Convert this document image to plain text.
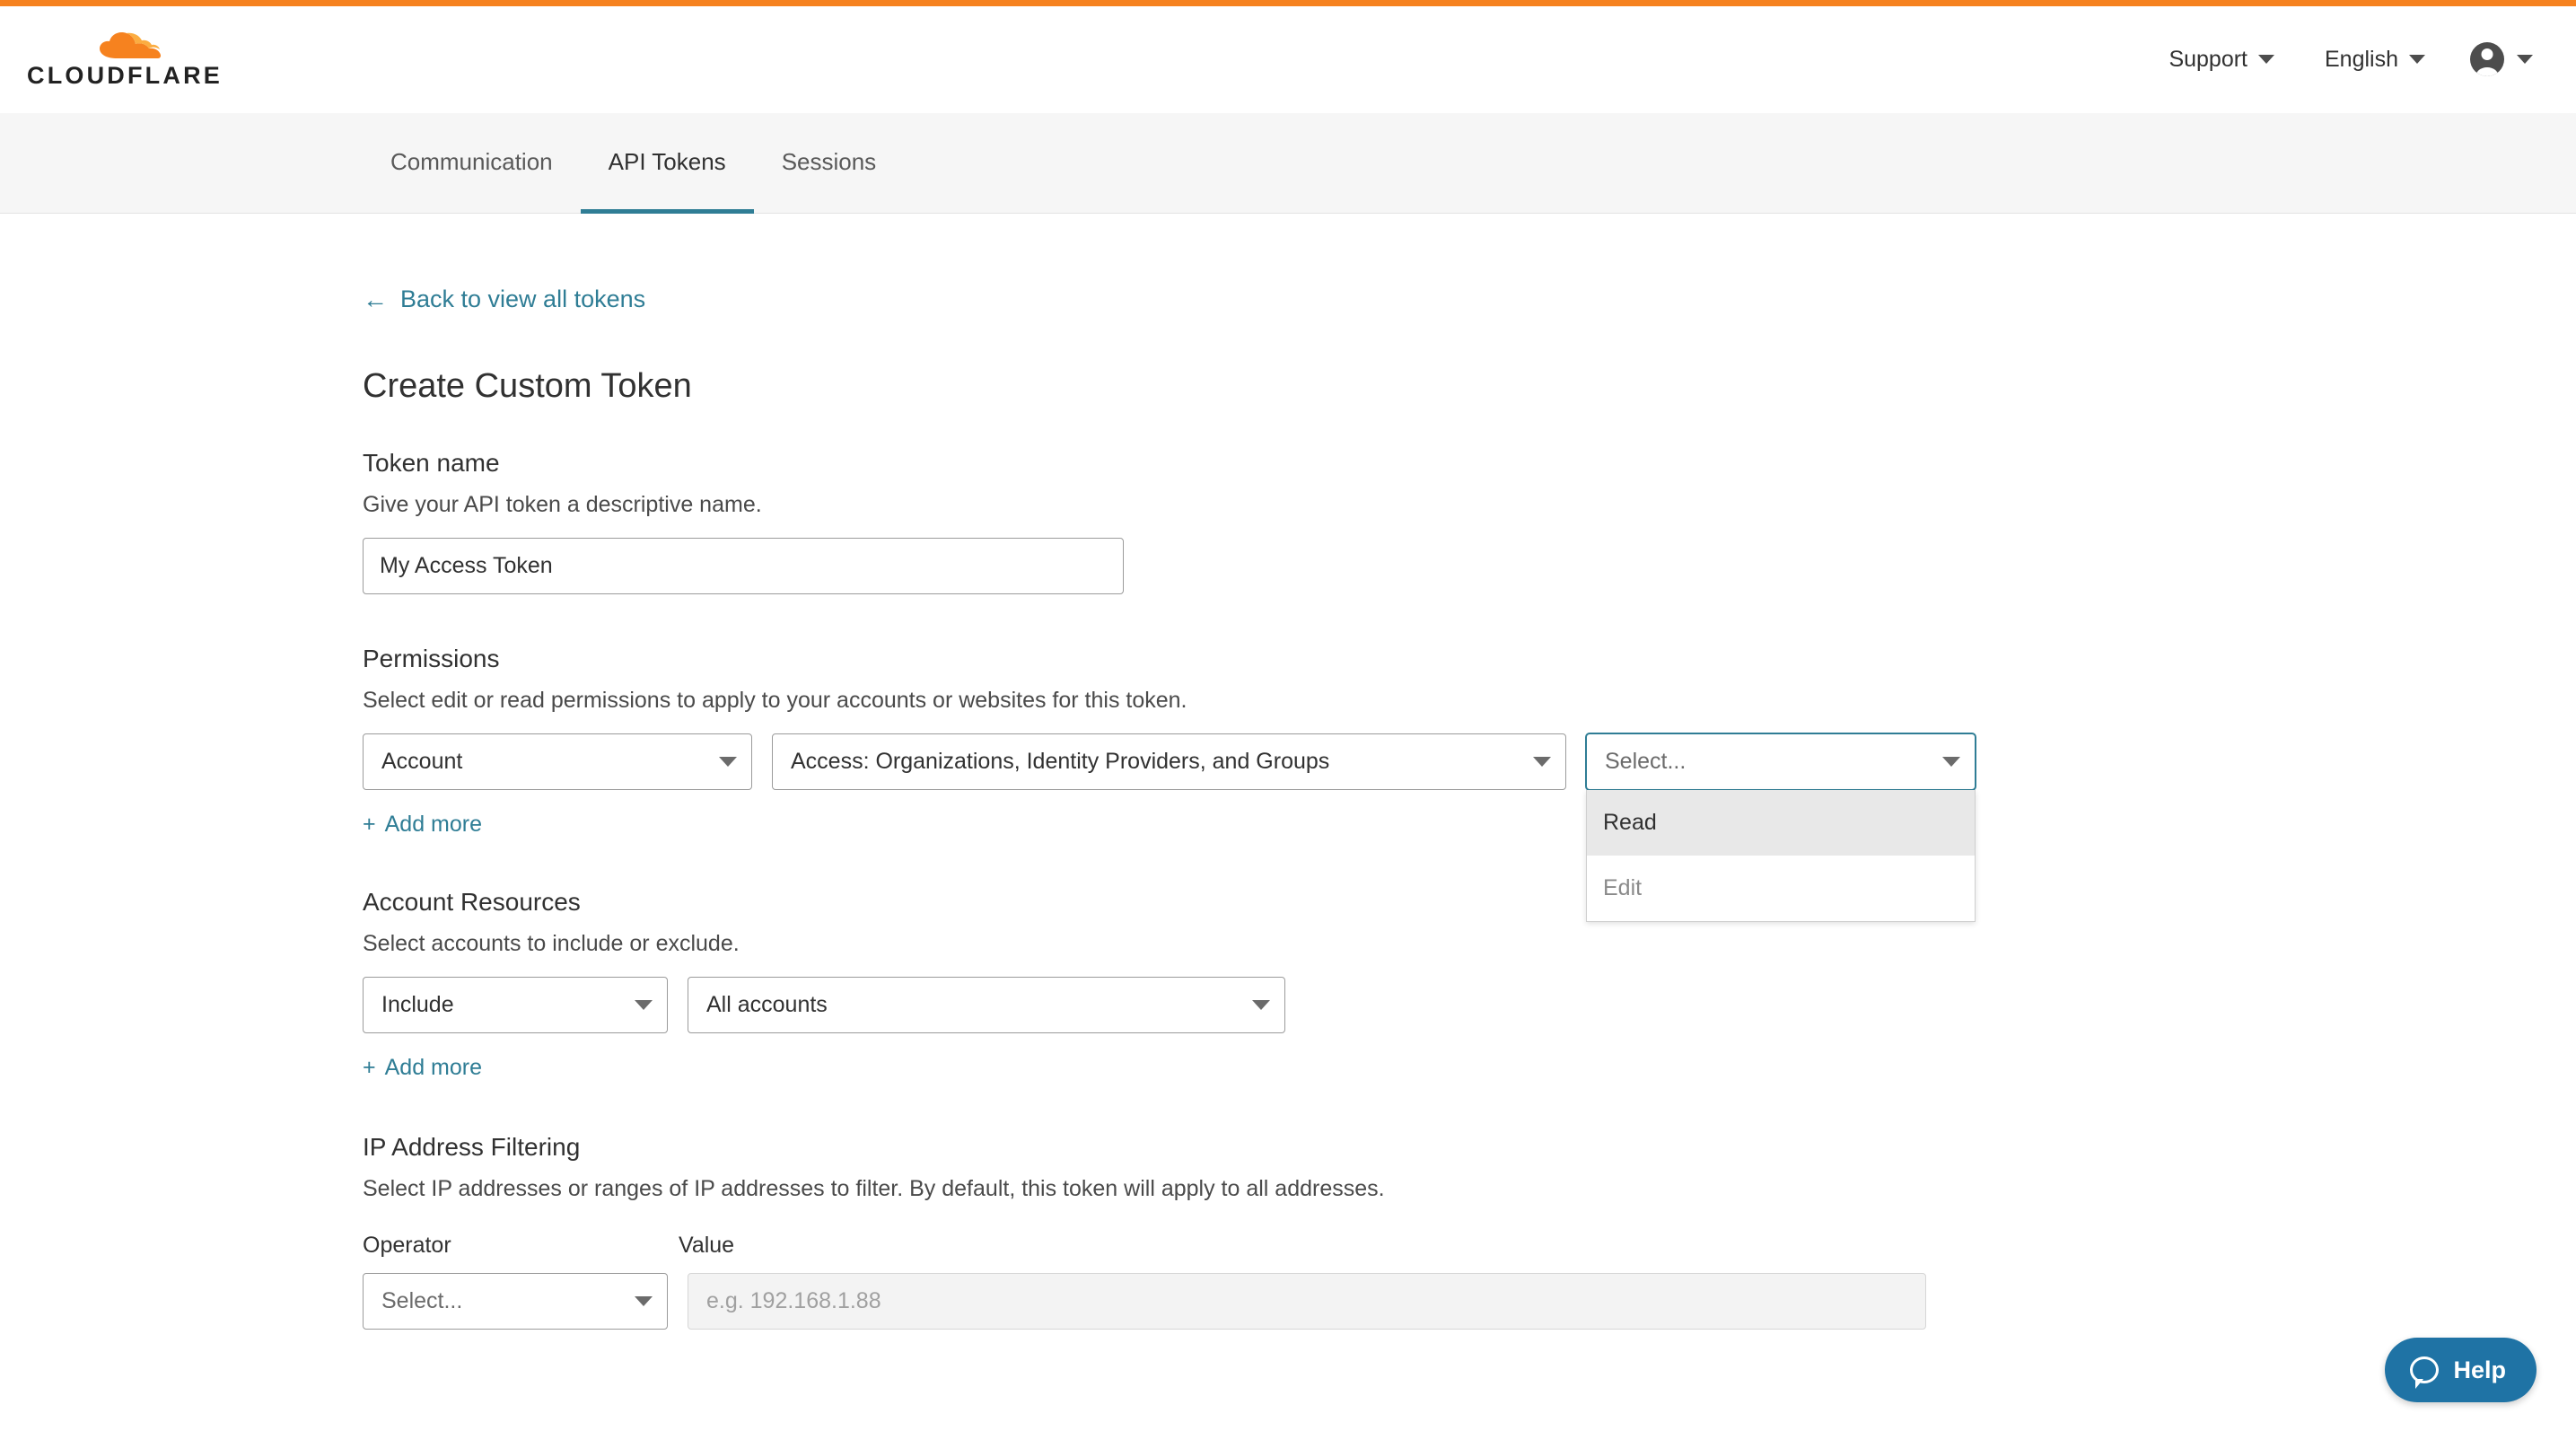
CLOUDFLARE
Support	English
Communication API Tokens Sessions
← Back to view all tokens
Create Custom Token
Token name
Give your API token a descriptive name.
My Access Token
Permissions
Select edit or read permissions to apply to your accounts or websites for this token.
Account	Access: Organizations, Identity Providers, and Groups	Select...
Read
Edit
+ Add more
Account Resources
Select accounts to include or exclude.
Include	All accounts
+ Add more
IP Address Filtering
Select IP addresses or ranges of IP addresses to filter. By default, this token will apply to all addresses.
Operator	Value
Select...	e.g. 192.168.1.88
Help
